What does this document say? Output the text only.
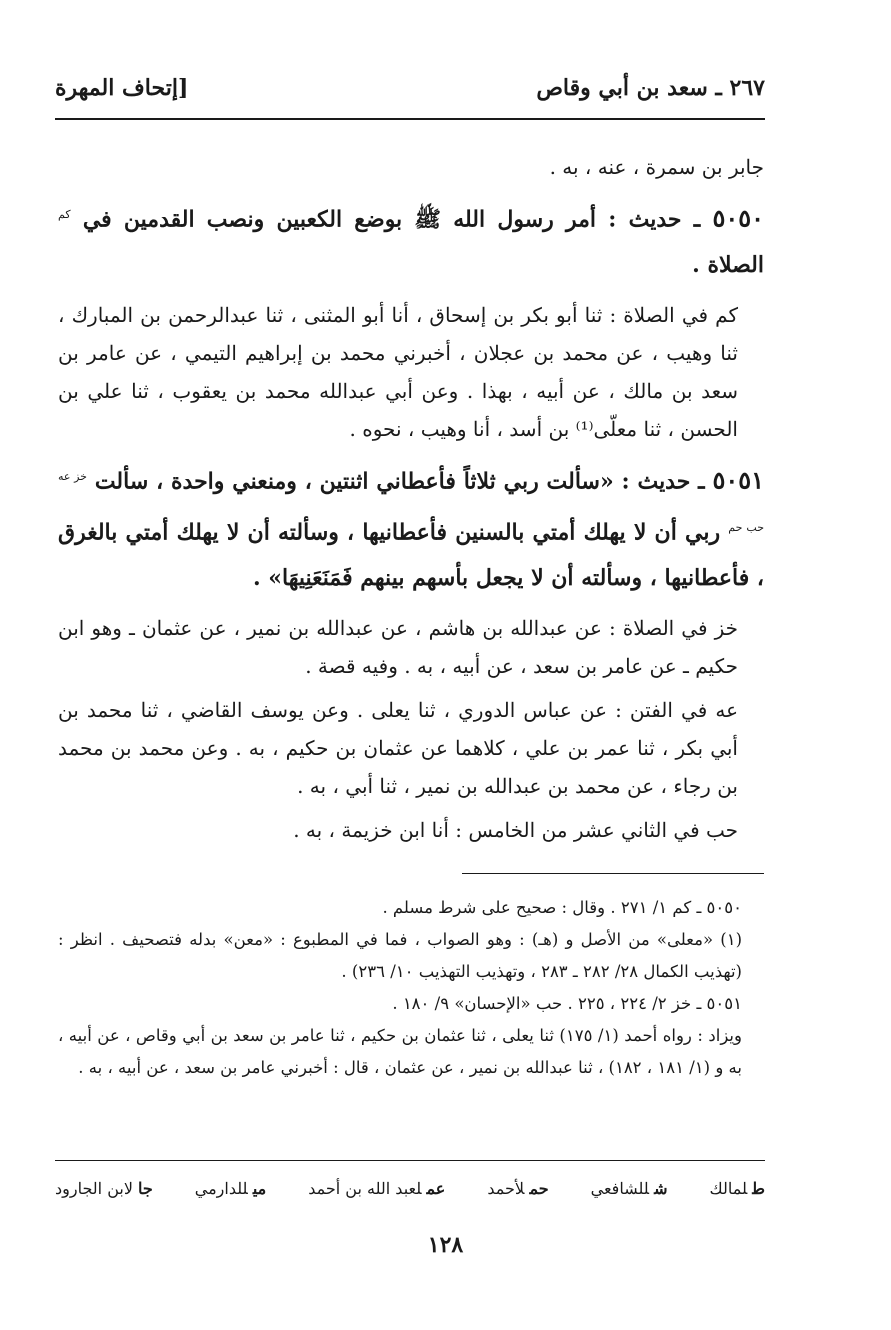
٢٦٧ ـ سعد بن أبي وقاص
[إتحاف المهرة

جابر بن سمرة ، عنه ، به .

٥٠٥٠ ـ حديث : أمر رسول الله ﷺ بوضع الكعبين ونصب القدمين في $^{كم}$ الصلاة .

كم في الصلاة : ثنا أبو بكر بن إسحاق ، أنا أبو المثنى ، ثنا عبدالرحمن بن المبارك ، ثنا وهيب ، عن محمد بن عجلان ، أخبرني محمد بن إبراهيم التيمي ، عن عامر بن سعد بن مالك ، عن أبيه ، بهذا . وعن أبي عبدالله محمد بن يعقوب ، ثنا علي بن الحسن ، ثنا معلّى⁽¹⁾ بن أسد ، أنا وهيب ، نحوه .

٥٠٥١ ـ حديث : «سألت ربي ثلاثاً فأعطاني اثنتين ، ومنعني واحدة ، سألت $^{خز عه حب حم}$ ربي أن لا يهلك أمتي بالسنين فأعطانيها ، وسألته أن لا يهلك أمتي بالغرق ، فأعطانيها ، وسألته أن لا يجعل بأسهم بينهم فَمَنَعَنِيهَا» .

خز في الصلاة : عن عبدالله بن هاشم ، عن عبدالله بن نمير ، عن عثمان ـ وهو ابن حكيم ـ عن عامر بن سعد ، عن أبيه ، به . وفيه قصة .

عه في الفتن : عن عباس الدوري ، ثنا يعلى . وعن يوسف القاضي ، ثنا محمد بن أبي بكر ، ثنا عمر بن علي ، كلاهما عن عثمان بن حكيم ، به . وعن محمد بن محمد بن رجاء ، عن محمد بن عبدالله بن نمير ، ثنا أبي ، به .

حب في الثاني عشر من الخامس : أنا ابن خزيمة ، به .

٥٠٥٠ ـ كم ١/ ٢٧١ . وقال : صحيح على شرط مسلم .

(١) «معلى» من الأصل و (هـ) : وهو الصواب ، فما في المطبوع : «معن» بدله فتصحيف . انظر : (تهذيب الكمال ٢٨/ ٢٨٢ ـ ٢٨٣ ، وتهذيب التهذيب ١٠/ ٢٣٦) .

٥٠٥١ ـ خز ٢/ ٢٢٤ ، ٢٢٥ . حب «الإحسان» ٩/ ١٨٠ .

ويزاد : رواه أحمد (١/ ١٧٥) ثنا يعلى ، ثنا عثمان بن حكيم ، ثنا عامر بن سعد بن أبي وقاص ، عن أبيه ، به و (١/ ١٨١ ، ١٨٢) ، ثنا عبدالله بن نمير ، عن عثمان ، قال : أخبرني عامر بن سعد ، عن أبيه ، به .

طلمالك
شللشافعي
حملأحمد
عملعبد الله بن أحمد
ميللدارمي
جالابن الجارود
١٢٨
